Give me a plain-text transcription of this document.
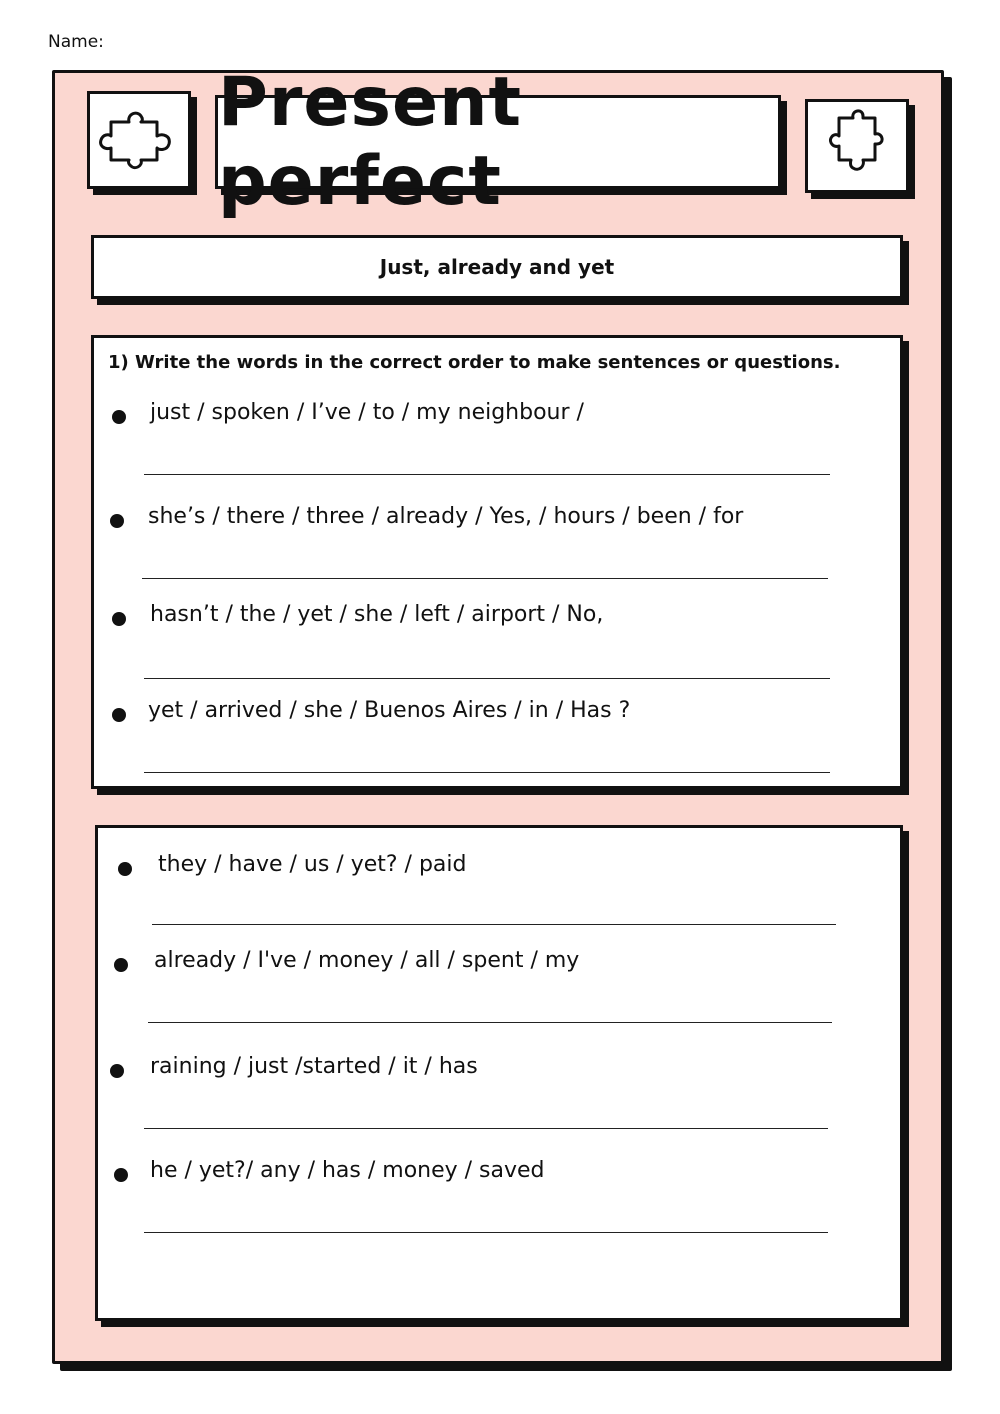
Name:
Present perfect
Just, already and yet
1) Write the words in the correct order to make sentences or questions.
just / spoken / I’ve / to / my neighbour /
she’s / there / three / already / Yes, / hours / been / for
hasn’t / the / yet / she / left / airport / No,
yet / arrived / she / Buenos Aires / in / Has ?
they / have / us / yet? / paid
already / I've / money / all / spent / my
raining / just /started / it / has
he / yet?/ any / has / money / saved
